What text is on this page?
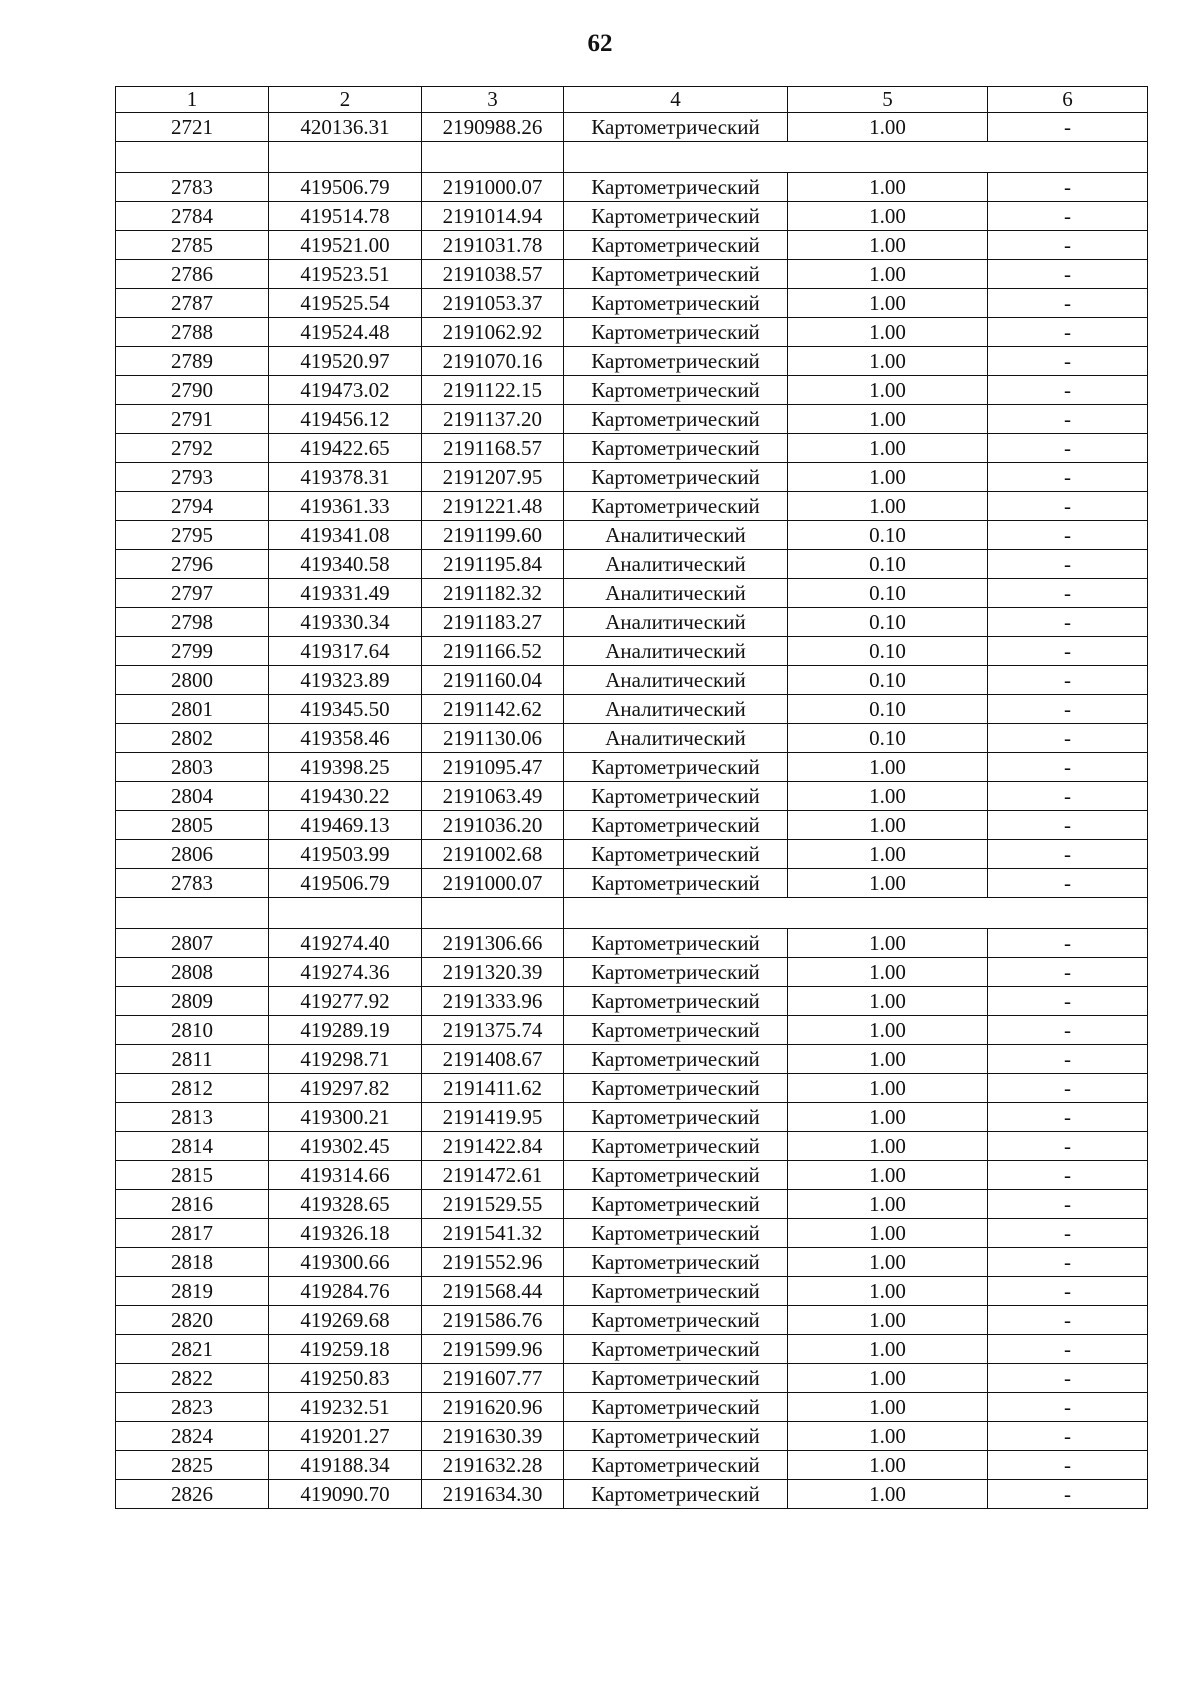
62
1	2	3	4	5	6
2721	420136.31	2190988.26	Картометрический	1.00	-

2783	419506.79	2191000.07	Картометрический	1.00	-
2784	419514.78	2191014.94	Картометрический	1.00	-
2785	419521.00	2191031.78	Картометрический	1.00	-
2786	419523.51	2191038.57	Картометрический	1.00	-
2787	419525.54	2191053.37	Картометрический	1.00	-
2788	419524.48	2191062.92	Картометрический	1.00	-
2789	419520.97	2191070.16	Картометрический	1.00	-
2790	419473.02	2191122.15	Картометрический	1.00	-
2791	419456.12	2191137.20	Картометрический	1.00	-
2792	419422.65	2191168.57	Картометрический	1.00	-
2793	419378.31	2191207.95	Картометрический	1.00	-
2794	419361.33	2191221.48	Картометрический	1.00	-
2795	419341.08	2191199.60	Аналитический	0.10	-
2796	419340.58	2191195.84	Аналитический	0.10	-
2797	419331.49	2191182.32	Аналитический	0.10	-
2798	419330.34	2191183.27	Аналитический	0.10	-
2799	419317.64	2191166.52	Аналитический	0.10	-
2800	419323.89	2191160.04	Аналитический	0.10	-
2801	419345.50	2191142.62	Аналитический	0.10	-
2802	419358.46	2191130.06	Аналитический	0.10	-
2803	419398.25	2191095.47	Картометрический	1.00	-
2804	419430.22	2191063.49	Картометрический	1.00	-
2805	419469.13	2191036.20	Картометрический	1.00	-
2806	419503.99	2191002.68	Картометрический	1.00	-
2783	419506.79	2191000.07	Картометрический	1.00	-

2807	419274.40	2191306.66	Картометрический	1.00	-
2808	419274.36	2191320.39	Картометрический	1.00	-
2809	419277.92	2191333.96	Картометрический	1.00	-
2810	419289.19	2191375.74	Картометрический	1.00	-
2811	419298.71	2191408.67	Картометрический	1.00	-
2812	419297.82	2191411.62	Картометрический	1.00	-
2813	419300.21	2191419.95	Картометрический	1.00	-
2814	419302.45	2191422.84	Картометрический	1.00	-
2815	419314.66	2191472.61	Картометрический	1.00	-
2816	419328.65	2191529.55	Картометрический	1.00	-
2817	419326.18	2191541.32	Картометрический	1.00	-
2818	419300.66	2191552.96	Картометрический	1.00	-
2819	419284.76	2191568.44	Картометрический	1.00	-
2820	419269.68	2191586.76	Картометрический	1.00	-
2821	419259.18	2191599.96	Картометрический	1.00	-
2822	419250.83	2191607.77	Картометрический	1.00	-
2823	419232.51	2191620.96	Картометрический	1.00	-
2824	419201.27	2191630.39	Картометрический	1.00	-
2825	419188.34	2191632.28	Картометрический	1.00	-
2826	419090.70	2191634.30	Картометрический	1.00	-
